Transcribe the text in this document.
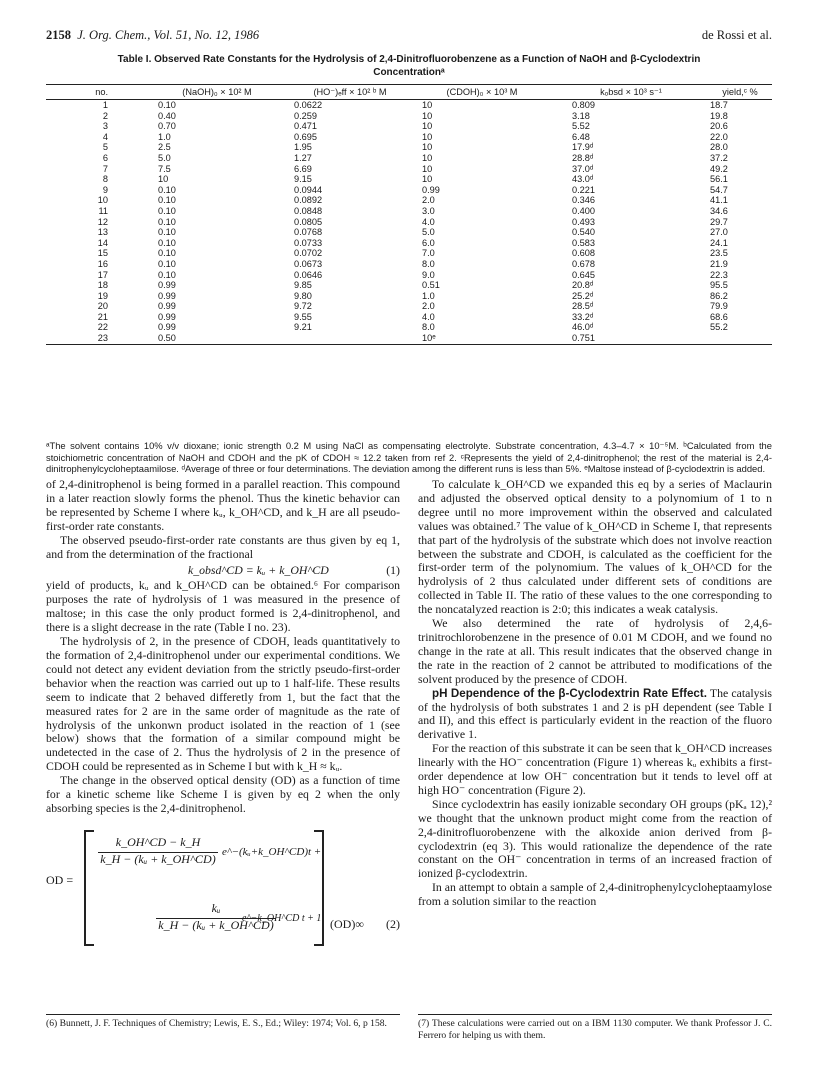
2158 J. Org. Chem., Vol. 51, No. 12, 1986	de Rossi et al.
Table I. Observed Rate Constants for the Hydrolysis of 2,4-Dinitrofluorobenzene as a Function of NaOH and β-Cyclodextrin
Concentrationᵃ
no.	(NaOH)₀ × 10² M	(HO⁻)ₑff × 10² ᵇ M	(CDOH)₀ × 10³ M	kₒbsd × 10³ s⁻¹	yield,ᶜ %
1	0.10	0.0622	10	0.809	18.7
2	0.40	0.259	10	3.18	19.8
3	0.70	0.471	10	5.52	20.6
4	1.0	0.695	10	6.48	22.0
5	2.5	1.95	10	17.9ᵈ	28.0
6	5.0	1.27	10	28.8ᵈ	37.2
7	7.5	6.69	10	37.0ᵈ	49.2
8	10	9.15	10	43.0ᵈ	56.1
9	0.10	0.0944	0.99	0.221	54.7
10	0.10	0.0892	2.0	0.346	41.1
11	0.10	0.0848	3.0	0.400	34.6
12	0.10	0.0805	4.0	0.493	29.7
13	0.10	0.0768	5.0	0.540	27.0
14	0.10	0.0733	6.0	0.583	24.1
15	0.10	0.0702	7.0	0.608	23.5
16	0.10	0.0673	8.0	0.678	21.9
17	0.10	0.0646	9.0	0.645	22.3
18	0.99	9.85	0.51	20.8ᵈ	95.5
19	0.99	9.80	1.0	25.2ᵈ	86.2
20	0.99	9.72	2.0	28.5ᵈ	79.9
21	0.99	9.55	4.0	33.2ᵈ	68.6
22	0.99	9.21	8.0	46.0ᵈ	55.2
23	0.50		10ᵉ	0.751	
ᵃThe solvent contains 10% v/v dioxane; ionic strength 0.2 M using NaCl as compensating electrolyte. Substrate concentration, 4.3–4.7 × 10⁻⁵M. ᵇCalculated from the stoichiometric concentration of NaOH and CDOH and the pK of CDOH ≈ 12.2 taken from ref 2. ᶜRepresents the yield of 2,4-dinitrophenol; the rest of the material is 2,4-dinitrophenylcycloheptaamilose. ᵈAverage of three or four determinations. The deviation among the different runs is less than 5%. ᵉMaltose instead of β-cyclodextrin is added.

of 2,4-dinitrophenol is being formed in a parallel reaction. This compound in a later reaction slowly forms the phenol. Thus the kinetic behavior can be represented by Scheme I where kᵤ, k_OH^CD, and k_H are all pseudo-first-order rate constants.

The observed pseudo-first-order rate constants are thus given by eq 1, and from the determination of the fractional

k_obsd^CD = kᵤ + k_OH^CD	(1)

yield of products, kᵤ and k_OH^CD can be obtained.⁶ For comparison purposes the rate of hydrolysis of 1 was measured in the presence of maltose; in this case the only product formed is 2,4-dinitrophenol, and there is a slight decrease in the rate (Table I no. 23).

The hydrolysis of 2, in the presence of CDOH, leads quantitatively to the formation of 2,4-dinitrophenol under our experimental conditions. We could not detect any evident deviation from the strictly pseudo-first-order behavior when the reaction was carried out up to 1 half-life. These results seem to indicate that 2 behaved differetly from 1, but the fact that the measured rates for 2 are in the same order of magnitude as the rate of hydrolysis of the unkonwn product isolated in the reaction of 1 (see below) shows that the formation of a similar compound might be undetected in the case of 2. Thus the hydrolysis of 2 in the presence of CDOH could be represented as in Scheme I but with k_H ≈ kᵤ.

The change in the observed optical density (OD) as a function of time for a kinetic scheme like Scheme I is given by eq 2 when the only absorbing species is the 2,4-dinitrophenol.

OD =
$\frac{k\_OH\^{}CD - k\_H}{\text{k\_H − (kᵤ + k\_OH\textasciicircum{}CD)}}$ e^−(kᵤ+k_OH^CD)t +
$\frac{\text{kᵤ}}{\text{k\_H − (kᵤ + k\_OH\textasciicircum{}CD)}}$
e^−k_OH^CD t + 1 (OD)∞ (2)

To calculate k_OH^CD we expanded this eq by a series of Maclaurin and adjusted the observed optical density to a polynomium of 1 to n degree until no more improvement within the observed and calculated values was obtained.⁷ The value of k_OH^CD in Scheme I, that represents that part of the hydrolysis of the substrate which does not involve reaction between the substrate and CDOH, is calculated as the coefficient for the first-order term of the polynomium. The values of k_OH^CD for the hydrolysis of 2 thus calculated under different sets of conditions are collected in Table II. The ratio of these values to the one corresponding to the noncatalyzed reaction is 2:0; this indicates a weak catalysis.

We also determined the rate of hydrolysis of 2,4,6-trinitrochlorobenzene in the presence of 0.01 M CDOH, and we found no change in the rate at all. This result indicates that the observed change in the rate in the reaction of 2 cannot be attributed to modifications of the solvent produced by the presence of CDOH.

pH Dependence of the β-Cyclodextrin Rate Effect. The catalysis of the hydrolysis of both substrates 1 and 2 is pH dependent (see Table I and II), and this effect is particularly evident in the reaction of the fluoro derivative 1.

For the reaction of this substrate it can be seen that k_OH^CD increases linearly with the HO⁻ concentration (Figure 1) whereas kᵤ exhibits a first-order dependence at low OH⁻ concentration but it tends to level off at high HO⁻ concentration (Figure 2).

Since cyclodextrin has easily ionizable secondary OH groups (pKₐ 12),² we thought that the unknown product might come from the reaction of 2,4-dinitrofluorobenzene with the alkoxide anion derived from β-cyclodextrin (eq 3). This would rationalize the dependence of the rate constant on the OH⁻ concentration in terms of an increased fraction of ionized β-cyclodextrin.

In an attempt to obtain a sample of 2,4-dinitrophenylcycloheptaamylose from a solution similar to the reaction

(6) Bunnett, J. F. Techniques of Chemistry; Lewis, E. S., Ed.; Wiley: 1974; Vol. 6, p 158.	(7) These calculations were carried out on a IBM 1130 computer. We thank Professor J. C. Ferrero for helping us with them.
